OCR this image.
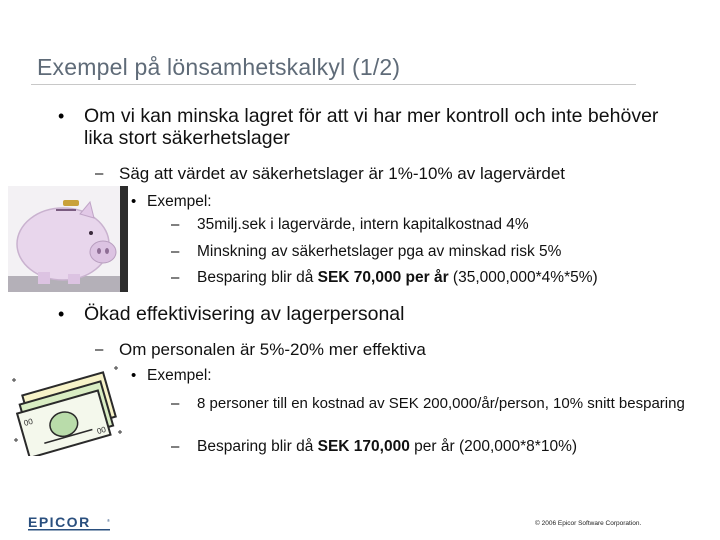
Exempel på lönsamhetskalkyl (1/2)
• Om vi kan minska lagret för att vi har mer kontroll och inte behöver lika stort säkerhetslager
– Säg att värdet av säkerhetslager är 1%-10% av lagervärdet
• Exempel:
– 35milj.sek i lagervärde, intern kapitalkostnad 4%
– Minskning av säkerhetslager pga av minskad risk 5%
– Besparing blir då SEK 70,000 per år (35,000,000*4%*5%)
• Ökad effektivisering av lagerpersonal
– Om personalen är 5%-20% mer effektiva
00
00
• Exempel:
– 8 personer till en kostnad av SEK 200,000/år/person, 10% snitt besparing
– Besparing blir då SEK 170,000 per år (200,000*8*10%)
EPICOR	®	© 2006 Epicor Software Corporation.
